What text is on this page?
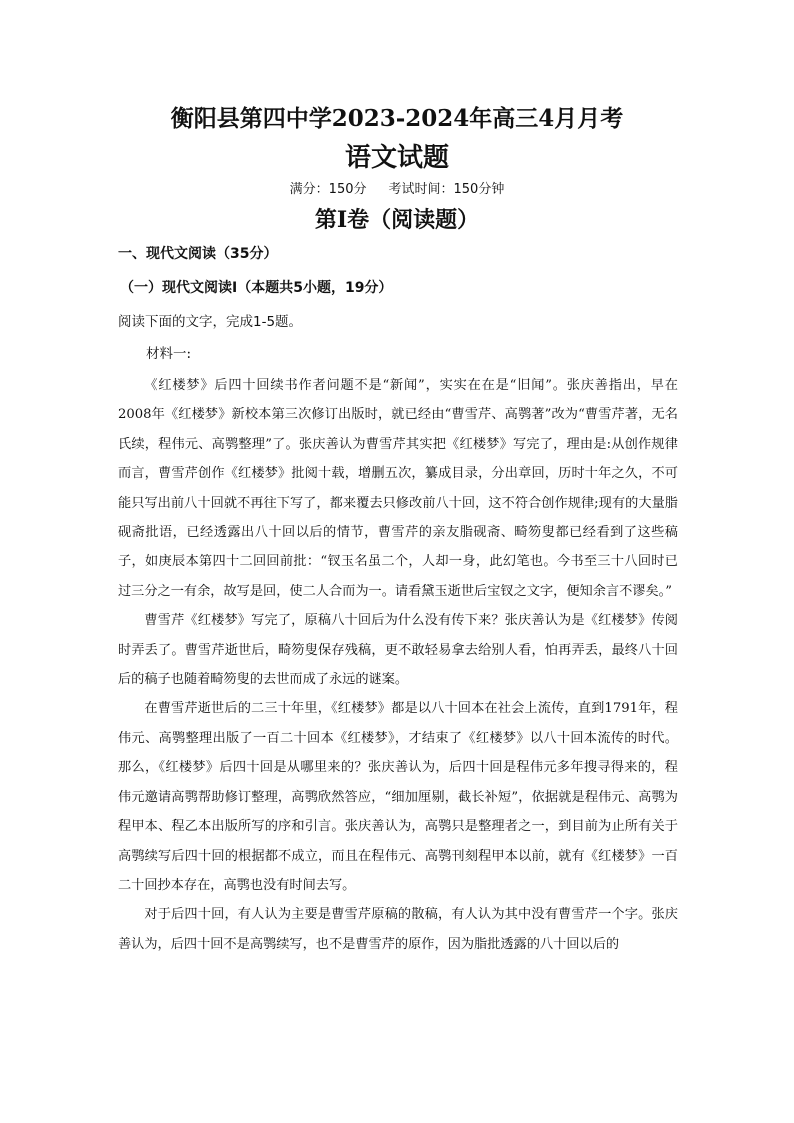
衡阳县第四中学2023-2024年高三4月月考
语文试题
满分：150分 考试时间：150分钟
第Ⅰ卷（阅读题）
一、现代文阅读（35分）
（一）现代文阅读Ⅰ（本题共5小题，19分）
阅读下面的文字，完成1-5题。
材料一:

《红楼梦》后四十回续书作者问题不是“新闻”，实实在在是“旧闻”。张庆善指出，早在2008年《红楼梦》新校本第三次修订出版时，就已经由“曹雪芹、高鹗著”改为“曹雪芹著，无名氏续，程伟元、高鹗整理”了。张庆善认为曹雪芹其实把《红楼梦》写完了，理由是:从创作规律而言，曹雪芹创作《红楼梦》批阅十载，增删五次，纂成目录，分出章回，历时十年之久，不可能只写出前八十回就不再往下写了，都来覆去只修改前八十回，这不符合创作规律;现有的大量脂砚斋批语，已经透露出八十回以后的情节，曹雪芹的亲友脂砚斋、畸笏叟都已经看到了这些稿子，如庚辰本第四十二回回前批：“钗玉名虽二个，人却一身，此幻笔也。今书至三十八回时已过三分之一有余，故写是回，使二人合而为一。请看黛玉逝世后宝钗之文字，便知余言不谬矣。”

曹雪芹《红楼梦》写完了，原稿八十回后为什么没有传下来？张庆善认为是《红楼梦》传阅时弄丢了。曹雪芹逝世后，畸笏叟保存残稿，更不敢轻易拿去给别人看，怕再弄丢，最终八十回后的稿子也随着畸笏叟的去世而成了永远的谜案。

在曹雪芹逝世后的二三十年里，《红楼梦》都是以八十回本在社会上流传，直到1791年，程伟元、高鹗整理出版了一百二十回本《红楼梦》，才结束了《红楼梦》以八十回本流传的时代。那么，《红楼梦》后四十回是从哪里来的？张庆善认为，后四十回是程伟元多年搜寻得来的，程伟元邀请高鹗帮助修订整理，高鹗欣然答应，“细加厘剔，截长补短”，依据就是程伟元、高鹗为程甲本、程乙本出版所写的序和引言。张庆善认为，高鹗只是整理者之一，到目前为止所有关于高鹗续写后四十回的根据都不成立，而且在程伟元、高鹗刊刻程甲本以前，就有《红楼梦》一百二十回抄本存在，高鹗也没有时间去写。

对于后四十回，有人认为主要是曹雪芹原稿的散稿，有人认为其中没有曹雪芹一个字。张庆善认为，后四十回不是高鹗续写，也不是曹雪芹的原作，因为脂批透露的八十回以后的
